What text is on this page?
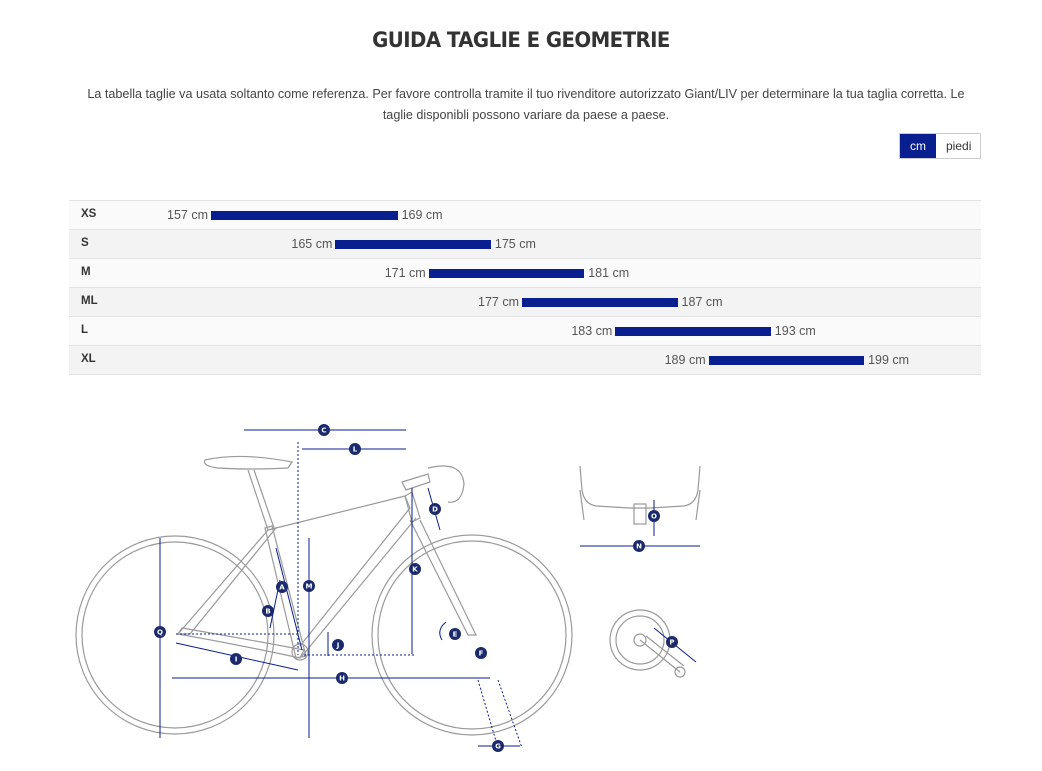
GUIDA TAGLIE E GEOMETRIE
La tabella taglie va usata soltanto come referenza. Per favore controlla tramite il tuo rivenditore autorizzato Giant/LIV per determinare la tua taglia corretta. Le taglie disponibli possono variare da paese a paese.
cm	piedi
XS	157 cm	169 cm
S	165 cm	175 cm
M	171 cm	181 cm
ML	177 cm	187 cm
L	183 cm	193 cm
XL	189 cm	199 cm
A
B
C
D
E
F
G
H
I
J
K
L
M
N
O
P
Q
